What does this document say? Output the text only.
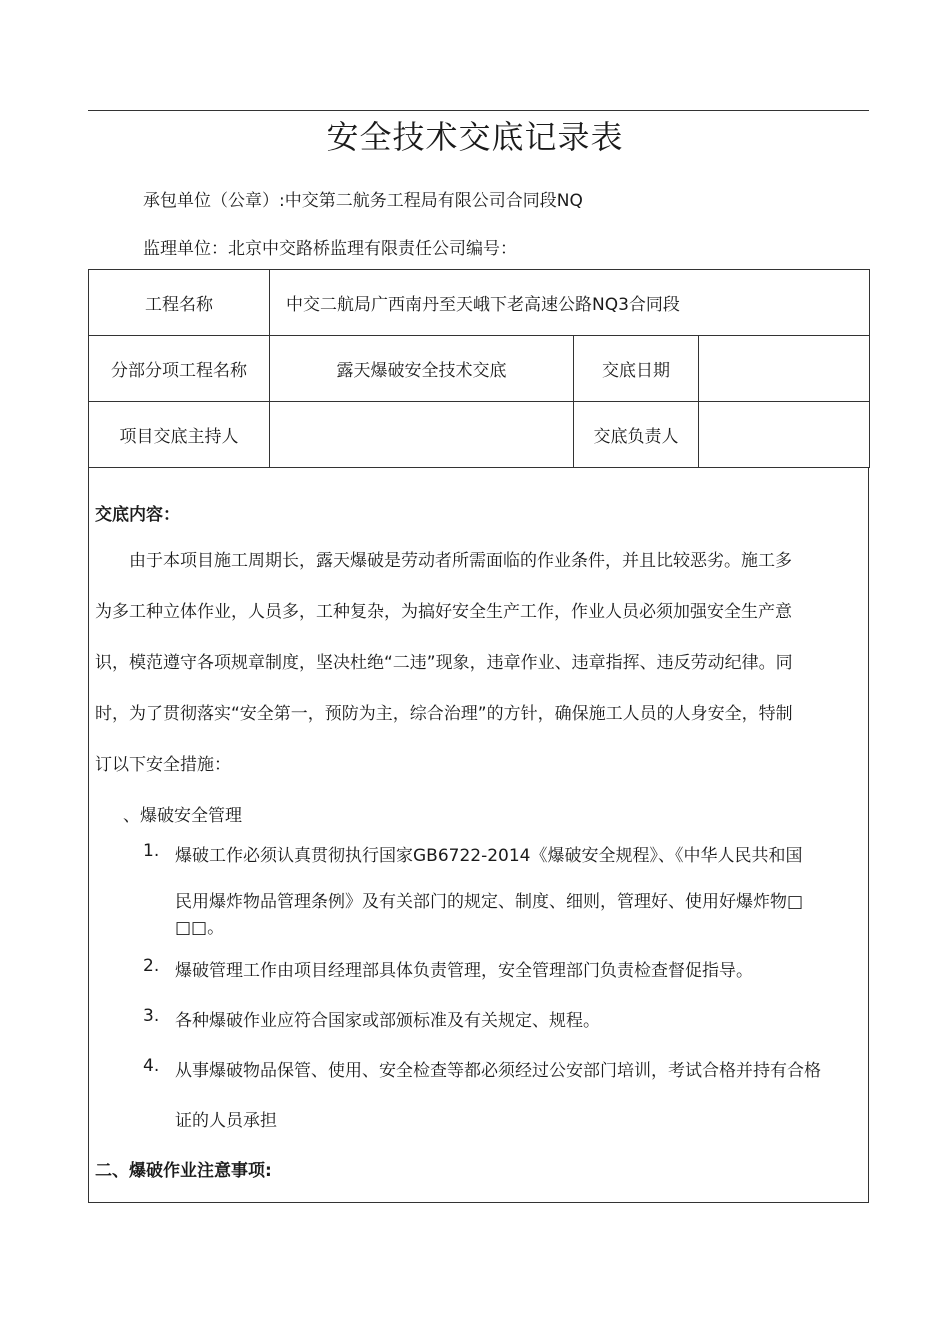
安全技术交底记录表
承包单位（公章）:中交第二航务工程局有限公司合同段NQ
监理单位：北京中交路桥监理有限责任公司编号：
工程名称	中交二航局广西南丹至天峨下老高速公路NQ3合同段		
分部分项工程名称	露天爆破安全技术交底	交底日期	
项目交底主持人		交底负责人	
交底内容：
　　由于本项目施工周期长，露天爆破是劳动者所需面临的作业条件，并且比较恶劣。施工多
为多工种立体作业，人员多，工种复杂，为搞好安全生产工作，作业人员必须加强安全生产意
识，模范遵守各项规章制度，坚决杜绝“二违”现象，违章作业、违章指挥、违反劳动纪律。同
时，为了贯彻落实“安全第一，预防为主，综合治理”的方针，确保施工人员的人身安全，特制
订以下安全措施：
、爆破安全管理
1. 爆破工作必须认真贯彻执行国家GB6722-2014《爆破安全规程》、《中华人民共和国
民用爆炸物品管理条例》及有关部门的规定、制度、细则，管理好、使用好爆炸物□
□□。
2. 爆破管理工作由项目经理部具体负责管理，安全管理部门负责检查督促指导。
3. 各种爆破作业应符合国家或部颁标准及有关规定、规程。
4. 从事爆破物品保管、使用、安全检查等都必须经过公安部门培训，考试合格并持有合格
证的人员承担
二、爆破作业注意事项:
